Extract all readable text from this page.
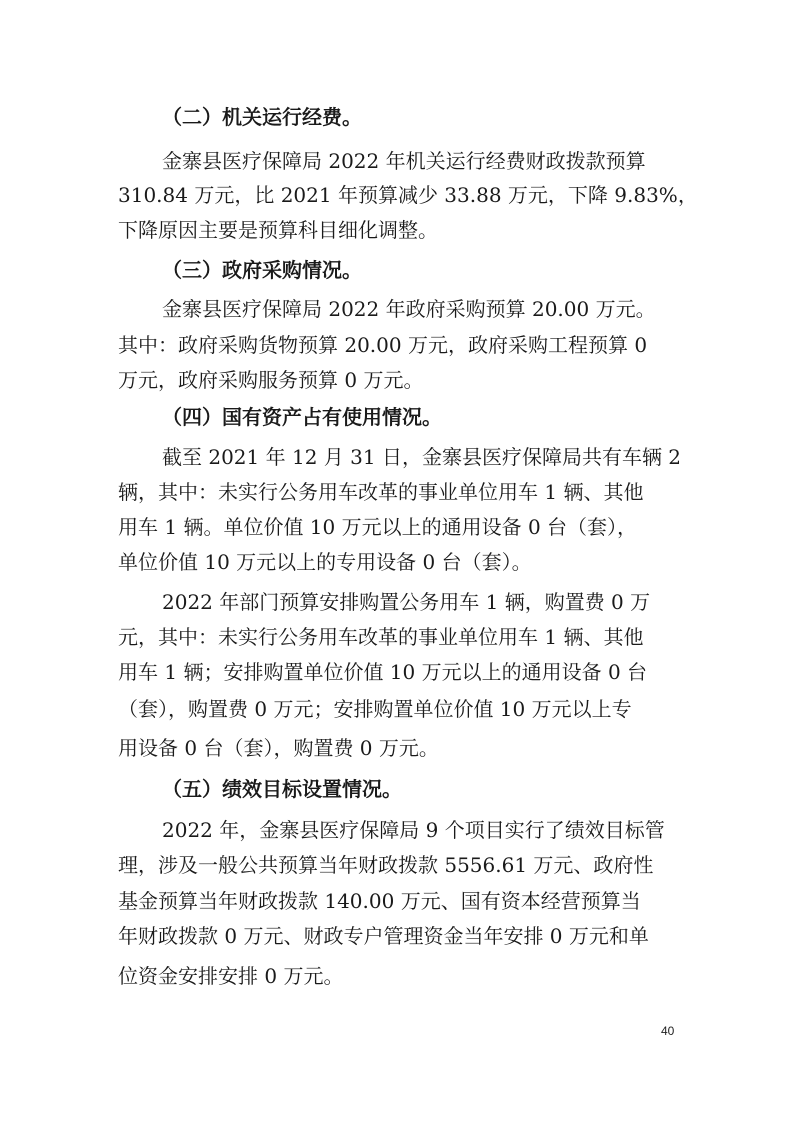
（二）机关运行经费。
金寨县医疗保障局 2022 年机关运行经费财政拨款预算
310.84 万元，比 2021 年预算减少 33.88 万元，下降 9.83%，
下降原因主要是预算科目细化调整。
（三）政府采购情况。
金寨县医疗保障局 2022 年政府采购预算 20.00 万元。
其中：政府采购货物预算 20.00 万元，政府采购工程预算 0
万元，政府采购服务预算 0 万元。
（四）国有资产占有使用情况。
截至 2021 年 12 月 31 日，金寨县医疗保障局共有车辆 2
辆，其中：未实行公务用车改革的事业单位用车 1 辆、其他
用车 1 辆。单位价值 10 万元以上的通用设备 0 台（套），
单位价值 10 万元以上的专用设备 0 台（套）。
2022 年部门预算安排购置公务用车 1 辆，购置费 0 万
元，其中：未实行公务用车改革的事业单位用车 1 辆、其他
用车 1 辆；安排购置单位价值 10 万元以上的通用设备 0 台
（套），购置费 0 万元；安排购置单位价值 10 万元以上专
用设备 0 台（套），购置费 0 万元。
（五）绩效目标设置情况。
2022 年，金寨县医疗保障局 9 个项目实行了绩效目标管
理，涉及一般公共预算当年财政拨款 5556.61 万元、政府性
基金预算当年财政拨款 140.00 万元、国有资本经营预算当
年财政拨款 0 万元、财政专户管理资金当年安排 0 万元和单
位资金安排安排 0 万元。
40
